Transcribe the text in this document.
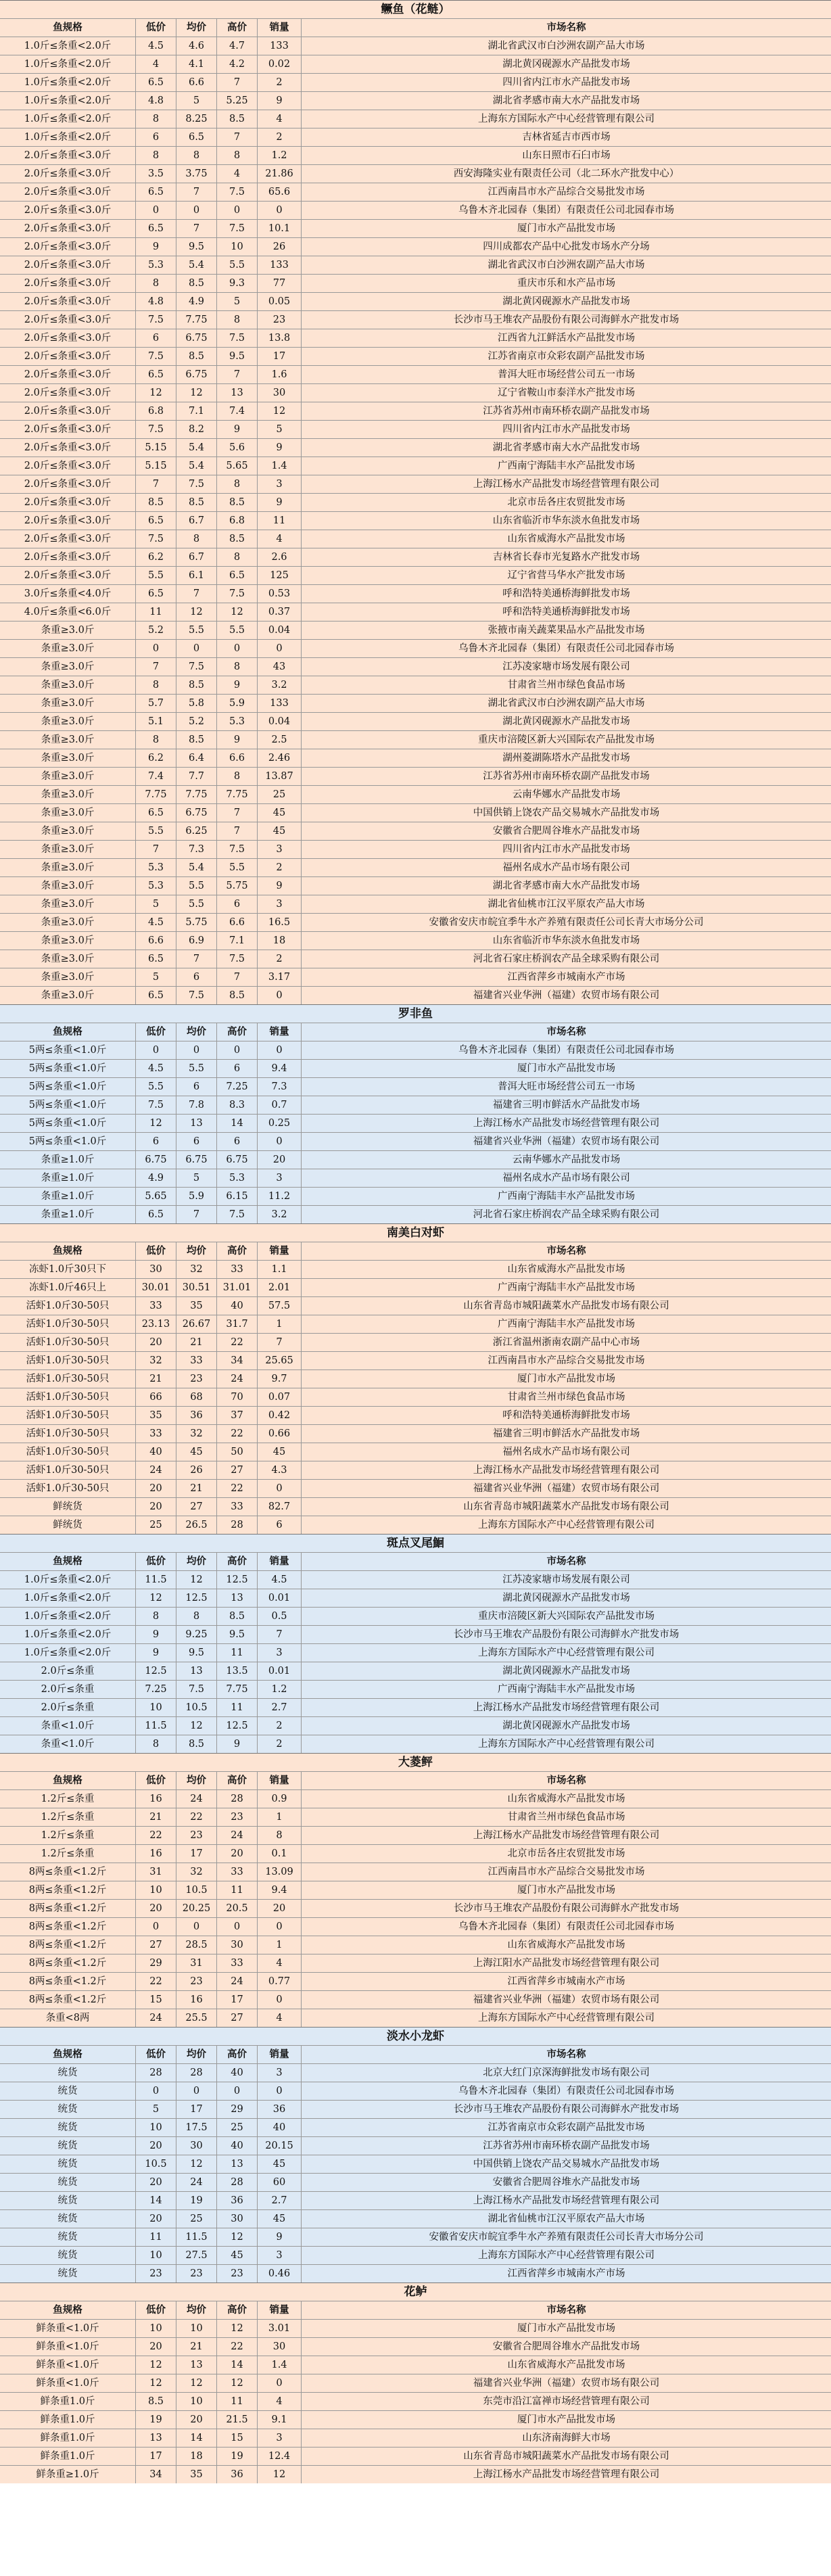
鳜鱼（花鲢）
鱼规格	低价	均价	高价	销量	市场名称
1.0斤≤条重<2.0斤	4.5	4.6	4.7	133	湖北省武汉市白沙洲农副产品大市场
1.0斤≤条重<2.0斤	4	4.1	4.2	0.02	湖北黄冈砚源水产品批发市场
1.0斤≤条重<2.0斤	6.5	6.6	7	2	四川省内江市水产品批发市场
1.0斤≤条重<2.0斤	4.8	5	5.25	9	湖北省孝感市南大水产品批发市场
1.0斤≤条重<2.0斤	8	8.25	8.5	4	上海东方国际水产中心经营管理有限公司
1.0斤≤条重<2.0斤	6	6.5	7	2	吉林省延吉市西市场
2.0斤≤条重<3.0斤	8	8	8	1.2	山东日照市石臼市场
2.0斤≤条重<3.0斤	3.5	3.75	4	21.86	西安海隆实业有限责任公司（北二环水产批发中心）
2.0斤≤条重<3.0斤	6.5	7	7.5	65.6	江西南昌市水产品综合交易批发市场
2.0斤≤条重<3.0斤	0	0	0	0	乌鲁木齐北园春（集团）有限责任公司北园春市场
2.0斤≤条重<3.0斤	6.5	7	7.5	10.1	厦门市水产品批发市场
2.0斤≤条重<3.0斤	9	9.5	10	26	四川成都农产品中心批发市场水产分场
2.0斤≤条重<3.0斤	5.3	5.4	5.5	133	湖北省武汉市白沙洲农副产品大市场
2.0斤≤条重<3.0斤	8	8.5	9.3	77	重庆市乐和水产品市场
2.0斤≤条重<3.0斤	4.8	4.9	5	0.05	湖北黄冈砚源水产品批发市场
2.0斤≤条重<3.0斤	7.5	7.75	8	23	长沙市马王堆农产品股份有限公司海鲜水产批发市场
2.0斤≤条重<3.0斤	6	6.75	7.5	13.8	江西省九江鲜活水产品批发市场
2.0斤≤条重<3.0斤	7.5	8.5	9.5	17	江苏省南京市众彩农副产品批发市场
2.0斤≤条重<3.0斤	6.5	6.75	7	1.6	普洱大旺市场经营公司五一市场
2.0斤≤条重<3.0斤	12	12	13	30	辽宁省鞍山市泰洋水产批发市场
2.0斤≤条重<3.0斤	6.8	7.1	7.4	12	江苏省苏州市南环桥农副产品批发市场
2.0斤≤条重<3.0斤	7.5	8.2	9	5	四川省内江市水产品批发市场
2.0斤≤条重<3.0斤	5.15	5.4	5.6	9	湖北省孝感市南大水产品批发市场
2.0斤≤条重<3.0斤	5.15	5.4	5.65	1.4	广西南宁海陆丰水产品批发市场
2.0斤≤条重<3.0斤	7	7.5	8	3	上海江杨水产品批发市场经营管理有限公司
2.0斤≤条重<3.0斤	8.5	8.5	8.5	9	北京市岳各庄农贸批发市场
2.0斤≤条重<3.0斤	6.5	6.7	6.8	11	山东省临沂市华东淡水鱼批发市场
2.0斤≤条重<3.0斤	7.5	8	8.5	4	山东省威海水产品批发市场
2.0斤≤条重<3.0斤	6.2	6.7	8	2.6	吉林省长春市光复路水产批发市场
2.0斤≤条重<3.0斤	5.5	6.1	6.5	125	辽宁省营马华水产批发市场
3.0斤≤条重<4.0斤	6.5	7	7.5	0.53	呼和浩特美通桥海鲜批发市场
4.0斤≤条重<6.0斤	11	12	12	0.37	呼和浩特美通桥海鲜批发市场
条重≥3.0斤	5.2	5.5	5.5	0.04	张掖市南关蔬菜果品水产品批发市场
条重≥3.0斤	0	0	0	0	乌鲁木齐北园春（集团）有限责任公司北园春市场
条重≥3.0斤	7	7.5	8	43	江苏凌家塘市场发展有限公司
条重≥3.0斤	8	8.5	9	3.2	甘肃省兰州市绿色食品市场
条重≥3.0斤	5.7	5.8	5.9	133	湖北省武汉市白沙洲农副产品大市场
条重≥3.0斤	5.1	5.2	5.3	0.04	湖北黄冈砚源水产品批发市场
条重≥3.0斤	8	8.5	9	2.5	重庆市涪陵区新大兴国际农产品批发市场
条重≥3.0斤	6.2	6.4	6.6	2.46	湖州菱湖陈塔水产品批发市场
条重≥3.0斤	7.4	7.7	8	13.87	江苏省苏州市南环桥农副产品批发市场
条重≥3.0斤	7.75	7.75	7.75	25	云南华娜水产品批发市场
条重≥3.0斤	6.5	6.75	7	45	中国供销上饶农产品交易城水产品批发市场
条重≥3.0斤	5.5	6.25	7	45	安徽省合肥周谷堆水产品批发市场
条重≥3.0斤	7	7.3	7.5	3	四川省内江市水产品批发市场
条重≥3.0斤	5.3	5.4	5.5	2	福州名成水产品市场有限公司
条重≥3.0斤	5.3	5.5	5.75	9	湖北省孝感市南大水产品批发市场
条重≥3.0斤	5	5.5	6	3	湖北省仙桃市江汉平原农产品大市场
条重≥3.0斤	4.5	5.75	6.6	16.5	安徽省安庆市皖宜季牛水产养殖有限责任公司长青大市场分公司
条重≥3.0斤	6.6	6.9	7.1	18	山东省临沂市华东淡水鱼批发市场
条重≥3.0斤	6.5	7	7.5	2	河北省石家庄桥润农产品全球采购有限公司
条重≥3.0斤	5	6	7	3.17	江西省萍乡市城南水产市场
条重≥3.0斤	6.5	7.5	8.5	0	福建省兴业华洲（福建）农贸市场有限公司
罗非鱼
鱼规格	低价	均价	高价	销量	市场名称
5两≤条重<1.0斤	0	0	0	0	乌鲁木齐北园春（集团）有限责任公司北园春市场
5两≤条重<1.0斤	4.5	5.5	6	9.4	厦门市水产品批发市场
5两≤条重<1.0斤	5.5	6	7.25	7.3	普洱大旺市场经营公司五一市场
5两≤条重<1.0斤	7.5	7.8	8.3	0.7	福建省三明市鲜活水产品批发市场
5两≤条重<1.0斤	12	13	14	0.25	上海江杨水产品批发市场经营管理有限公司
5两≤条重<1.0斤	6	6	6	0	福建省兴业华洲（福建）农贸市场有限公司
条重≥1.0斤	6.75	6.75	6.75	20	云南华娜水产品批发市场
条重≥1.0斤	4.9	5	5.3	3	福州名成水产品市场有限公司
条重≥1.0斤	5.65	5.9	6.15	11.2	广西南宁海陆丰水产品批发市场
条重≥1.0斤	6.5	7	7.5	3.2	河北省石家庄桥润农产品全球采购有限公司
南美白对虾
鱼规格	低价	均价	高价	销量	市场名称
冻虾1.0斤30只下	30	32	33	1.1	山东省威海水产品批发市场
冻虾1.0斤46只上	30.01	30.51	31.01	2.01	广西南宁海陆丰水产品批发市场
活虾1.0斤30-50只	33	35	40	57.5	山东省青岛市城阳蔬菜水产品批发市场有限公司
活虾1.0斤30-50只	23.13	26.67	31.7	1	广西南宁海陆丰水产品批发市场
活虾1.0斤30-50只	20	21	22	7	浙江省温州浙南农副产品中心市场
活虾1.0斤30-50只	32	33	34	25.65	江西南昌市水产品综合交易批发市场
活虾1.0斤30-50只	21	23	24	9.7	厦门市水产品批发市场
活虾1.0斤30-50只	66	68	70	0.07	甘肃省兰州市绿色食品市场
活虾1.0斤30-50只	35	36	37	0.42	呼和浩特美通桥海鲜批发市场
活虾1.0斤30-50只	33	32	22	0.66	福建省三明市鲜活水产品批发市场
活虾1.0斤30-50只	40	45	50	45	福州名成水产品市场有限公司
活虾1.0斤30-50只	24	26	27	4.3	上海江杨水产品批发市场经营管理有限公司
活虾1.0斤30-50只	20	21	22	0	福建省兴业华洲（福建）农贸市场有限公司
鲜统货	20	27	33	82.7	山东省青岛市城阳蔬菜水产品批发市场有限公司
鲜统货	25	26.5	28	6	上海东方国际水产中心经营管理有限公司
斑点叉尾鮰
鱼规格	低价	均价	高价	销量	市场名称
1.0斤≤条重<2.0斤	11.5	12	12.5	4.5	江苏凌家塘市场发展有限公司
1.0斤≤条重<2.0斤	12	12.5	13	0.01	湖北黄冈砚源水产品批发市场
1.0斤≤条重<2.0斤	8	8	8.5	0.5	重庆市涪陵区新大兴国际农产品批发市场
1.0斤≤条重<2.0斤	9	9.25	9.5	7	长沙市马王堆农产品股份有限公司海鲜水产批发市场
1.0斤≤条重<2.0斤	9	9.5	11	3	上海东方国际水产中心经营管理有限公司
2.0斤≤条重	12.5	13	13.5	0.01	湖北黄冈砚源水产品批发市场
2.0斤≤条重	7.25	7.5	7.75	1.2	广西南宁海陆丰水产品批发市场
2.0斤≤条重	10	10.5	11	2.7	上海江杨水产品批发市场经营管理有限公司
条重<1.0斤	11.5	12	12.5	2	湖北黄冈砚源水产品批发市场
条重<1.0斤	8	8.5	9	2	上海东方国际水产中心经营管理有限公司
大菱鲆
鱼规格	低价	均价	高价	销量	市场名称
1.2斤≤条重	16	24	28	0.9	山东省威海水产品批发市场
1.2斤≤条重	21	22	23	1	甘肃省兰州市绿色食品市场
1.2斤≤条重	22	23	24	8	上海江杨水产品批发市场经营管理有限公司
1.2斤≤条重	16	17	20	0.1	北京市岳各庄农贸批发市场
8两≤条重<1.2斤	31	32	33	13.09	江西南昌市水产品综合交易批发市场
8两≤条重<1.2斤	10	10.5	11	9.4	厦门市水产品批发市场
8两≤条重<1.2斤	20	20.25	20.5	20	长沙市马王堆农产品股份有限公司海鲜水产批发市场
8两≤条重<1.2斤	0	0	0	0	乌鲁木齐北园春（集团）有限责任公司北园春市场
8两≤条重<1.2斤	27	28.5	30	1	山东省威海水产品批发市场
8两≤条重<1.2斤	29	31	33	4	上海江阳水产品批发市场经营管理有限公司
8两≤条重<1.2斤	22	23	24	0.77	江西省萍乡市城南水产市场
8两≤条重<1.2斤	15	16	17	0	福建省兴业华洲（福建）农贸市场有限公司
条重<8两	24	25.5	27	4	上海东方国际水产中心经营管理有限公司
淡水小龙虾
鱼规格	低价	均价	高价	销量	市场名称
统货	28	28	40	3	北京大红门京深海鲜批发市场有限公司
统货	0	0	0	0	乌鲁木齐北园春（集团）有限责任公司北园春市场
统货	5	17	29	36	长沙市马王堆农产品股份有限公司海鲜水产批发市场
统货	10	17.5	25	40	江苏省南京市众彩农副产品批发市场
统货	20	30	40	20.15	江苏省苏州市南环桥农副产品批发市场
统货	10.5	12	13	45	中国供销上饶农产品交易城水产品批发市场
统货	20	24	28	60	安徽省合肥周谷堆水产品批发市场
统货	14	19	36	2.7	上海江杨水产品批发市场经营管理有限公司
统货	20	25	30	45	湖北省仙桃市江汉平原农产品大市场
统货	11	11.5	12	9	安徽省安庆市皖宜季牛水产养殖有限责任公司长青大市场分公司
统货	10	27.5	45	3	上海东方国际水产中心经营管理有限公司
统货	23	23	23	0.46	江西省萍乡市城南水产市场
花鲈
鱼规格	低价	均价	高价	销量	市场名称
鲜条重<1.0斤	10	10	12	3.01	厦门市水产品批发市场
鲜条重<1.0斤	20	21	22	30	安徽省合肥周谷堆水产品批发市场
鲜条重<1.0斤	12	13	14	1.4	山东省威海水产品批发市场
鲜条重<1.0斤	12	12	12	0	福建省兴业华洲（福建）农贸市场有限公司
鲜条重1.0斤	8.5	10	11	4	东莞市沿江富禅市场经营管理有限公司
鲜条重1.0斤	19	20	21.5	9.1	厦门市水产品批发市场
鲜条重1.0斤	13	14	15	3	山东济南海鲜大市场
鲜条重1.0斤	17	18	19	12.4	山东省青岛市城阳蔬菜水产品批发市场有限公司
鲜条重≥1.0斤	34	35	36	12	上海江杨水产品批发市场经营管理有限公司
